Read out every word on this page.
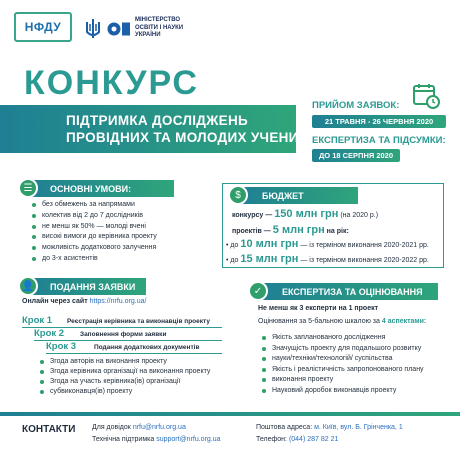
НФДУ	МІНІСТЕРСТВО
ОСВІТИ І НАУКИ
УКРАЇНИ
КОНКУРС
ПІДТРИМКА ДОСЛІДЖЕНЬ
ПРОВІДНИХ ТА МОЛОДИХ УЧЕНИХ
ПРИЙОМ ЗАЯВОК:
21 ТРАВНЯ - 26 ЧЕРВНЯ 2020
ЕКСПЕРТИЗА ТА ПІДСУМКИ:
ДО 18 СЕРПНЯ 2020
ОСНОВНІ УМОВИ:
☰
без обмежень за напрямами
колектив від 2 до 7 дослідників
не менш як 50% — молоді вчені
високі вимоги до керівника проекту
можливість додаткового залучення
до 3-х асистентів
БЮДЖЕТ
$
конкурсу — 150 млн грн (на 2020 р.)
проектів — 5 млн грн на рік:
• до 10 млн грн — із терміном виконання 2020-2021 рр.
• до 15 млн грн — із терміном виконання 2020-2022 рр.
ПОДАННЯ ЗАЯВКИ
👤
Онлайн через сайт https://nrfu.org.ua/
Крок 1 Реєстрація керівника та виконавців проекту
Крок 2 Заповнення форми заявки
Крок 3	Подання додаткових документів
Згода авторів на виконання проекту
Згода керівника організації на виконання проекту
Згода на участь керівника(ів) організації
субвиконавця(ів) проекту
ЕКСПЕРТИЗА ТА ОЦІНЮВАННЯ
✓
Не менш як 3 експерти на 1 проект
Оцінювання за 5-бальною шкалою за 4 аспектами:
Якість запланованого дослідження
Значущість проекту для подальшого розвитку
науки/техніки/технологій/ суспільства
Якість і реалістичність запропонованого плану
виконання проекту
Науковий доробок виконавців проекту
КОНТАКТИ Для довідок nrfu@nrfu.org.ua
Технічна підтримка support@nrfu.org.ua
Поштова адреса: м. Київ, вул. Б. Грінченка, 1
Телефон: (044) 287 82 21
